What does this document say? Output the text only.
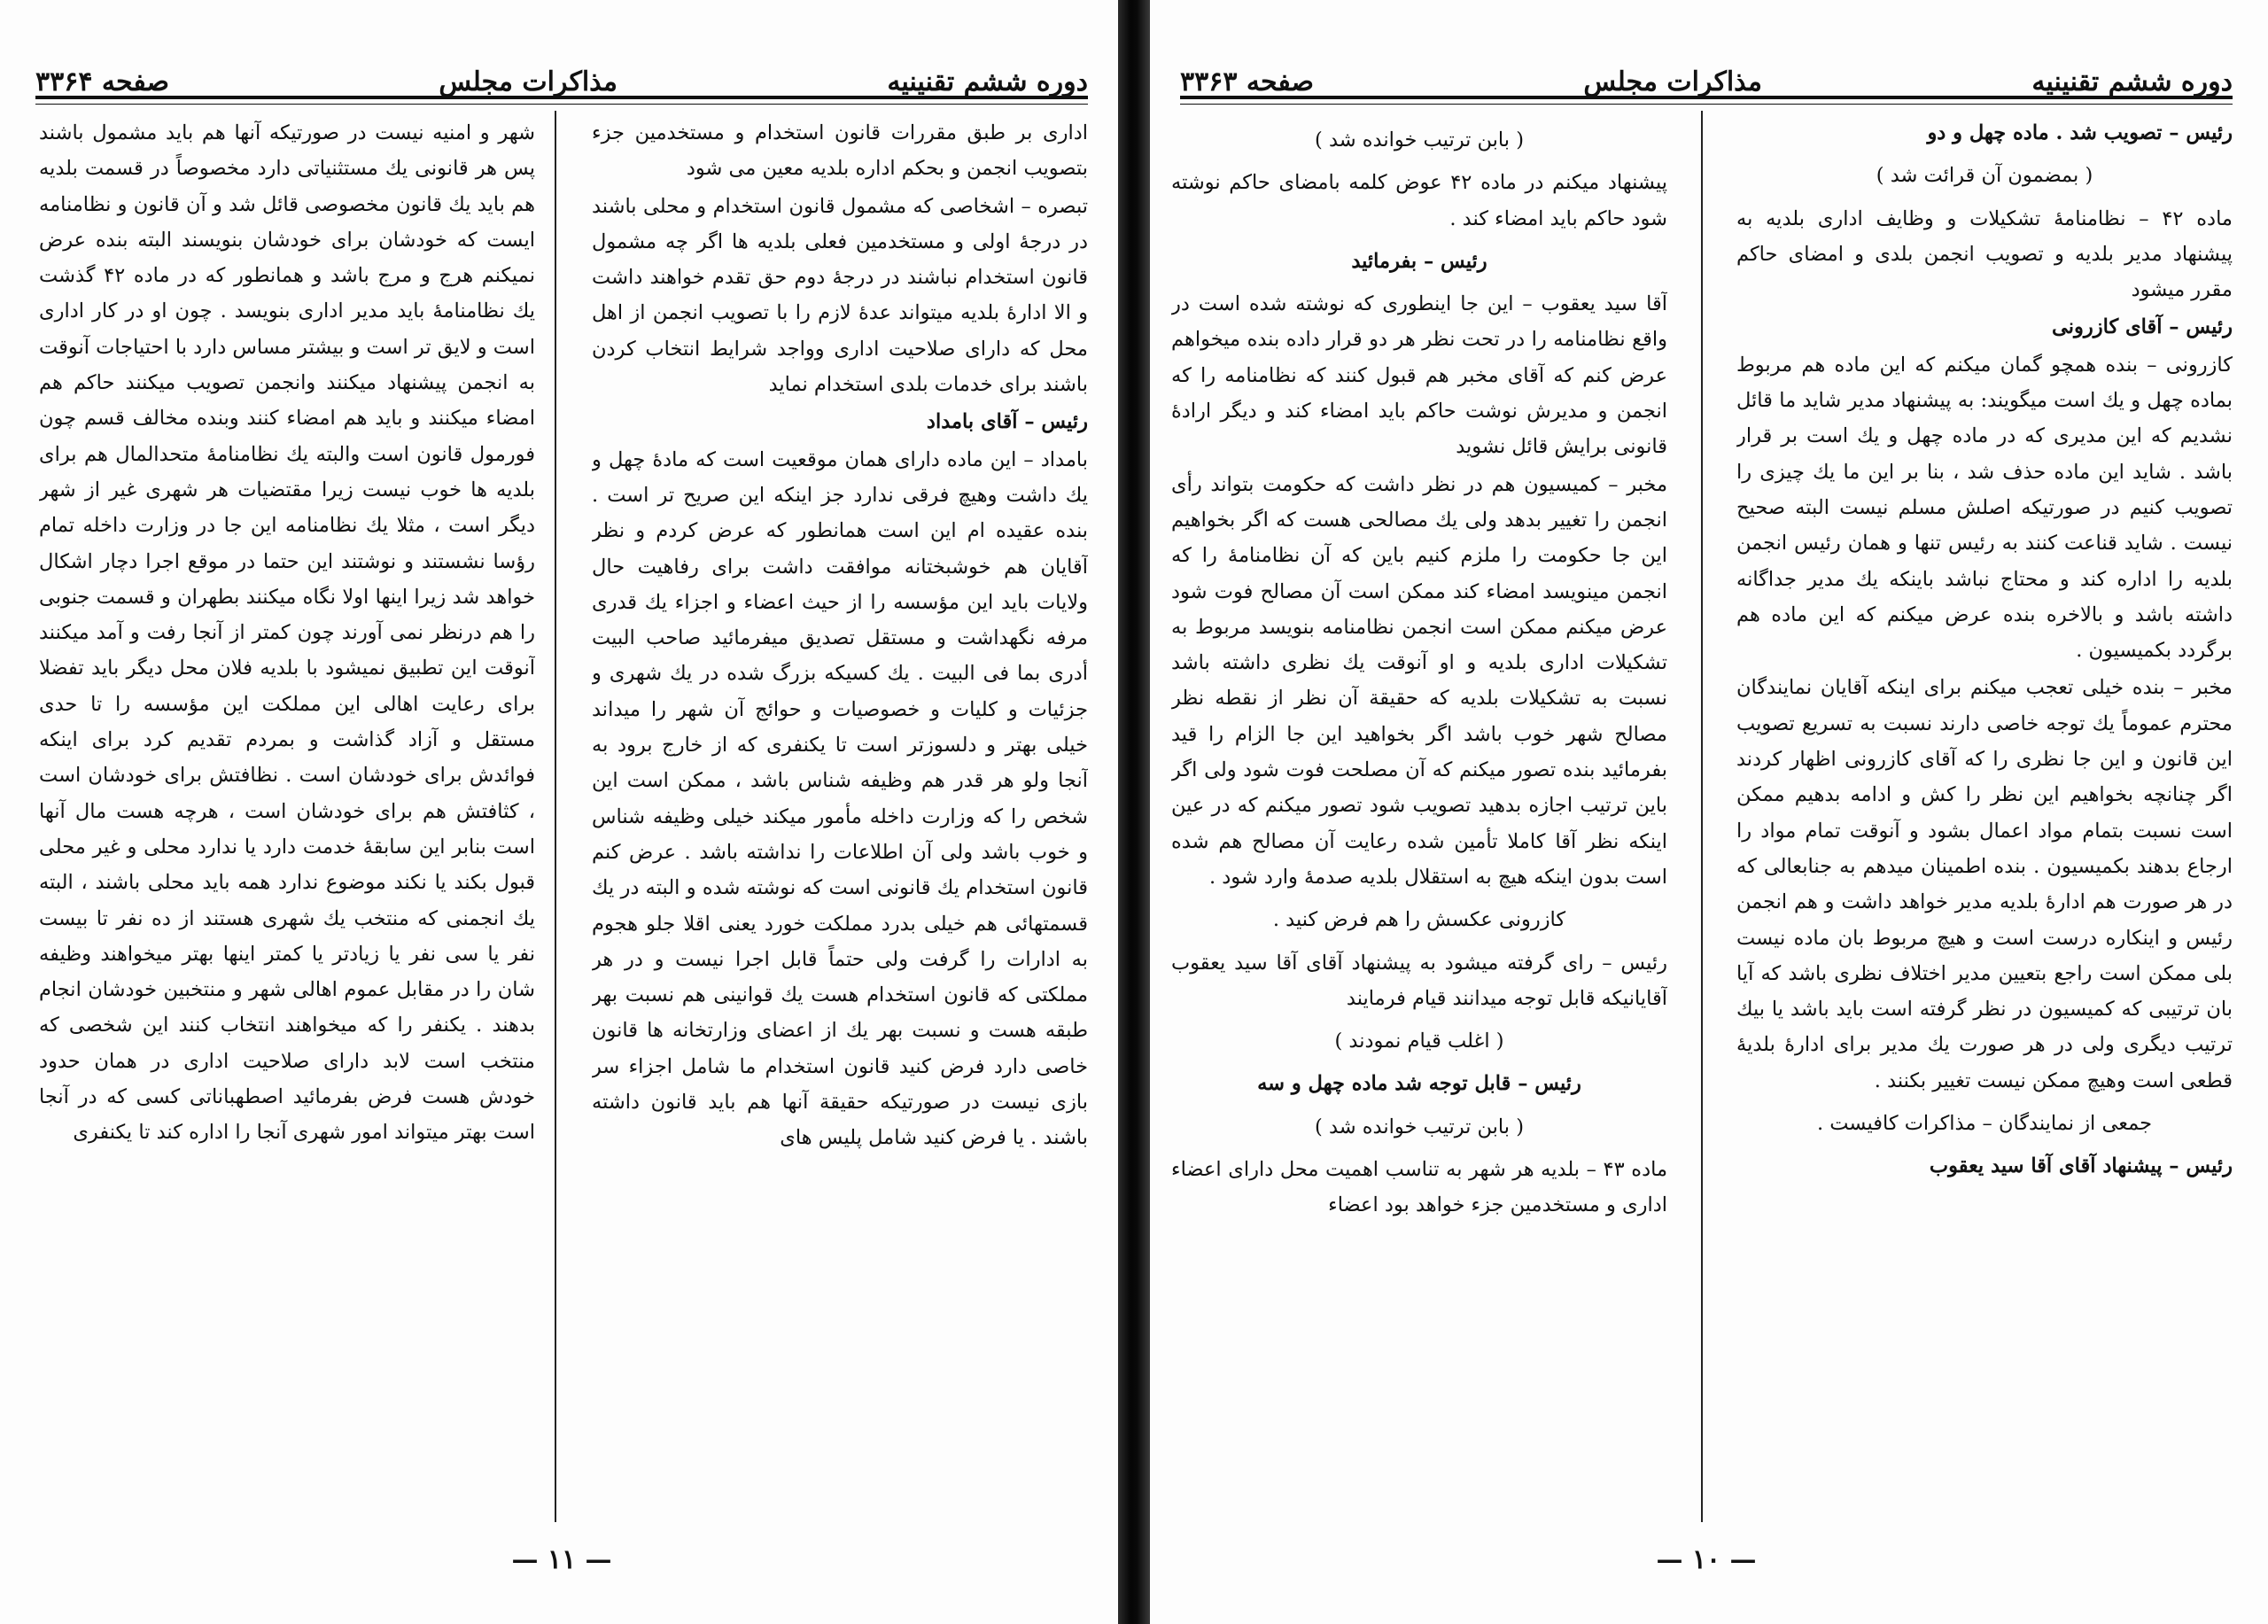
دوره ششم تقنینیه
مذاکرات مجلس
صفحه ۳۳۶۴

اداری بر طبق مقررات قانون استخدام و مستخدمین جزء بتصویب انجمن و بحکم اداره بلدیه معین می شود

تبصره – اشخاصی که مشمول قانون استخدام و محلی باشند در درجهٔ اولی و مستخدمین فعلی بلدیه ها اگر چه مشمول قانون استخدام نباشند در درجهٔ دوم حق تقدم خواهند داشت و الا ادارهٔ بلدیه میتواند عدهٔ لازم را با تصویب انجمن از اهل محل که دارای صلاحیت اداری وواجد شرایط انتخاب کردن باشند برای خدمات بلدی استخدام نماید

رئیس – آقای بامداد

بامداد – این ماده دارای همان موقعیت است که مادهٔ چهل و یك داشت وهیچ فرقی ندارد جز اینکه این صریح تر است . بنده عقیده ام این است همانطور که عرض کردم و نظر آقایان هم خوشبختانه موافقت داشت برای رفاهیت حال ولایات باید این مؤسسه را از حیث اعضاء و اجزاء یك قدری مرفه نگهداشت و مستقل تصدیق میفرمائید صاحب البیت أدری بما فی البیت . یك کسیکه بزرگ شده در یك شهری و جزئیات و کلیات و خصوصیات و حوائج آن شهر را میداند خیلی بهتر و دلسوزتر است تا یکنفری که از خارج برود به آنجا ولو هر قدر هم وظیفه شناس باشد ، ممکن است این شخص را که وزارت داخله مأمور میکند خیلی وظیفه شناس و خوب باشد ولی آن اطلاعات را نداشته باشد . عرض کنم قانون استخدام یك قانونی است که نوشته شده و البته در یك قسمتهائی هم خیلی بدرد مملکت خورد یعنی اقلا جلو هجوم به ادارات را گرفت ولی حتماً قابل اجرا نیست و در هر مملکتی که قانون استخدام هست یك قوانینی هم نسبت بهر طبقه هست و نسبت بهر یك از اعضای وزارتخانه ها قانون خاصی دارد فرض کنید قانون استخدام ما شامل اجزاء سر بازی نیست در صورتیکه حقیقة آنها هم باید قانون داشته باشند . یا فرض کنید شامل پلیس های

شهر و امنیه نیست در صورتیکه آنها هم باید مشمول باشند پس هر قانونی یك مستثنیاتی دارد مخصوصاً در قسمت بلدیه هم باید یك قانون مخصوصی قائل شد و آن قانون و نظامنامه ایست که خودشان برای خودشان بنویسند البته بنده عرض نمیکنم هرج و مرج باشد و همانطور که در ماده ۴۲ گذشت یك نظامنامهٔ باید مدیر اداری بنویسد . چون او در کار اداری است و لایق تر است و بیشتر مساس دارد با احتیاجات آنوقت به انجمن پیشنهاد میکنند وانجمن تصویب میکنند حاکم هم امضاء میکنند و باید هم امضاء کنند وبنده مخالف قسم چون فورمول قانون است والبته یك نظامنامهٔ متحدالمال هم برای بلدیه ها خوب نیست زیرا مقتضیات هر شهری غیر از شهر دیگر است ، مثلا یك نظامنامه این جا در وزارت داخله تمام رؤسا نشستند و نوشتند این حتما در موقع اجرا دچار اشکال خواهد شد زیرا اینها اولا نگاه میکنند بطهران و قسمت جنوبی را هم درنظر نمی آورند چون کمتر از آنجا رفت و آمد میکنند آنوقت این تطبیق نمیشود با بلدیه فلان محل دیگر باید تفضلا برای رعایت اهالی این مملکت این مؤسسه را تا حدی مستقل و آزاد گذاشت و بمردم تقدیم کرد برای اینکه فوائدش برای خودشان است . نظافتش برای خودشان است ، کثافتش هم برای خودشان است ، هرچه هست مال آنها است بنابر این سابقهٔ خدمت دارد یا ندارد محلی و غیر محلی قبول بکند یا نکند موضوع ندارد همه باید محلی باشند ، البته یك انجمنی که منتخب یك شهری هستند از ده نفر تا بیست نفر یا سی نفر یا زیادتر یا کمتر اینها بهتر میخواهند وظیفه شان را در مقابل عموم اهالی شهر و منتخبین خودشان انجام بدهند . یکنفر را که میخواهند انتخاب کنند این شخصی که منتخب است لابد دارای صلاحیت اداری در همان حدود خودش هست فرض بفرمائید اصطهباناتی کسی که در آنجا است بهتر میتواند امور شهری آنجا را اداره کند تا یکنفری

— ۱۱ —
دوره ششم تقنینیه
مذاکرات مجلس
صفحه ۳۳۶۳

رئیس – تصویب شد . ماده چهل و دو

( بمضمون آن قرائت شد )

ماده ۴۲ – نظامنامهٔ تشکیلات و وظایف اداری بلدیه به پیشنهاد مدیر بلدیه و تصویب انجمن بلدی و امضای حاکم مقرر میشود

رئیس – آقای کازرونی

کازرونی – بنده همچو گمان میکنم که این ماده هم مربوط بماده چهل و یك است میگویند: به پیشنهاد مدیر شاید ما قائل نشدیم که این مدیری که در ماده چهل و یك است بر قرار باشد . شاید این ماده حذف شد ، بنا بر این ما یك چیزی را تصویب کنیم در صورتیکه اصلش مسلم نیست البته صحیح نیست . شاید قناعت کنند به رئیس تنها و همان رئیس انجمن بلدیه را اداره کند و محتاج نباشد باینکه یك مدیر جداگانه داشته باشد و بالاخره بنده عرض میکنم که این ماده هم برگردد بکمیسیون .

مخبر – بنده خیلی تعجب میکنم برای اینکه آقایان نمایندگان محترم عموماً یك توجه خاصی دارند نسبت به تسریع تصویب این قانون و این جا نظری را که آقای کازرونی اظهار کردند اگر چنانچه بخواهیم این نظر را کش و ادامه بدهیم ممکن است نسبت بتمام مواد اعمال بشود و آنوقت تمام مواد را ارجاع بدهند بکمیسیون . بنده اطمینان میدهم به جنابعالی که در هر صورت هم ادارهٔ بلدیه مدیر خواهد داشت و هم انجمن رئیس و اینکاره درست است و هیچ مربوط بان ماده نیست بلی ممکن است راجع بتعیین مدیر اختلاف نظری باشد که آیا بان ترتیبی که کمیسیون در نظر گرفته است باید باشد یا بیك ترتیب دیگری ولی در هر صورت یك مدیر برای ادارهٔ بلدیهٔ قطعی است وهیچ ممکن نیست تغییر بکنند .

جمعی از نمایندگان – مذاکرات کافیست .

رئیس – پیشنهاد آقای آقا سید یعقوب

( بابن ترتیب خوانده شد )

پیشنهاد میکنم در ماده ۴۲ عوض کلمه بامضای حاکم نوشته شود حاکم باید امضاء کند .

رئیس – بفرمائید

آقا سید یعقوب – این جا اینطوری که نوشته شده است در واقع نظامنامه را در تحت نظر هر دو قرار داده بنده میخواهم عرض کنم که آقای مخبر هم قبول کنند که نظامنامه را که انجمن و مدیرش نوشت حاکم باید امضاء کند و دیگر ارادهٔ قانونی برایش قائل نشوید

مخبر – کمیسیون هم در نظر داشت که حکومت بتواند رأی انجمن را تغییر بدهد ولی یك مصالحی هست که اگر بخواهیم این جا حکومت را ملزم کنیم باین که آن نظامنامهٔ را که انجمن مینویسد امضاء کند ممکن است آن مصالح فوت شود عرض میکنم ممکن است انجمن نظامنامه بنویسد مربوط به تشکیلات اداری بلدیه و او آنوقت یك نظری داشته باشد نسبت به تشکیلات بلدیه که حقیقة آن نظر از نقطه نظر مصالح شهر خوب باشد اگر بخواهید این جا الزام را قید بفرمائید بنده تصور میکنم که آن مصلحت فوت شود ولی اگر باین ترتیب اجازه بدهید تصویب شود تصور میکنم که در عین اینکه نظر آقا کاملا تأمین شده رعایت آن مصالح هم شده است بدون اینکه هیچ به استقلال بلدیه صدمهٔ وارد شود .

کازرونی عکسش را هم فرض کنید .

رئیس – رای گرفته میشود به پیشنهاد آقای آقا سید یعقوب آقایانیکه قابل توجه میدانند قیام فرمایند

( اغلب قیام نمودند )

رئیس – قابل توجه شد ماده چهل و سه

( بابن ترتیب خوانده شد )

ماده ۴۳ – بلدیه هر شهر به تناسب اهمیت محل دارای اعضاء اداری و مستخدمین جزء خواهد بود اعضاء

— ۱۰ —
